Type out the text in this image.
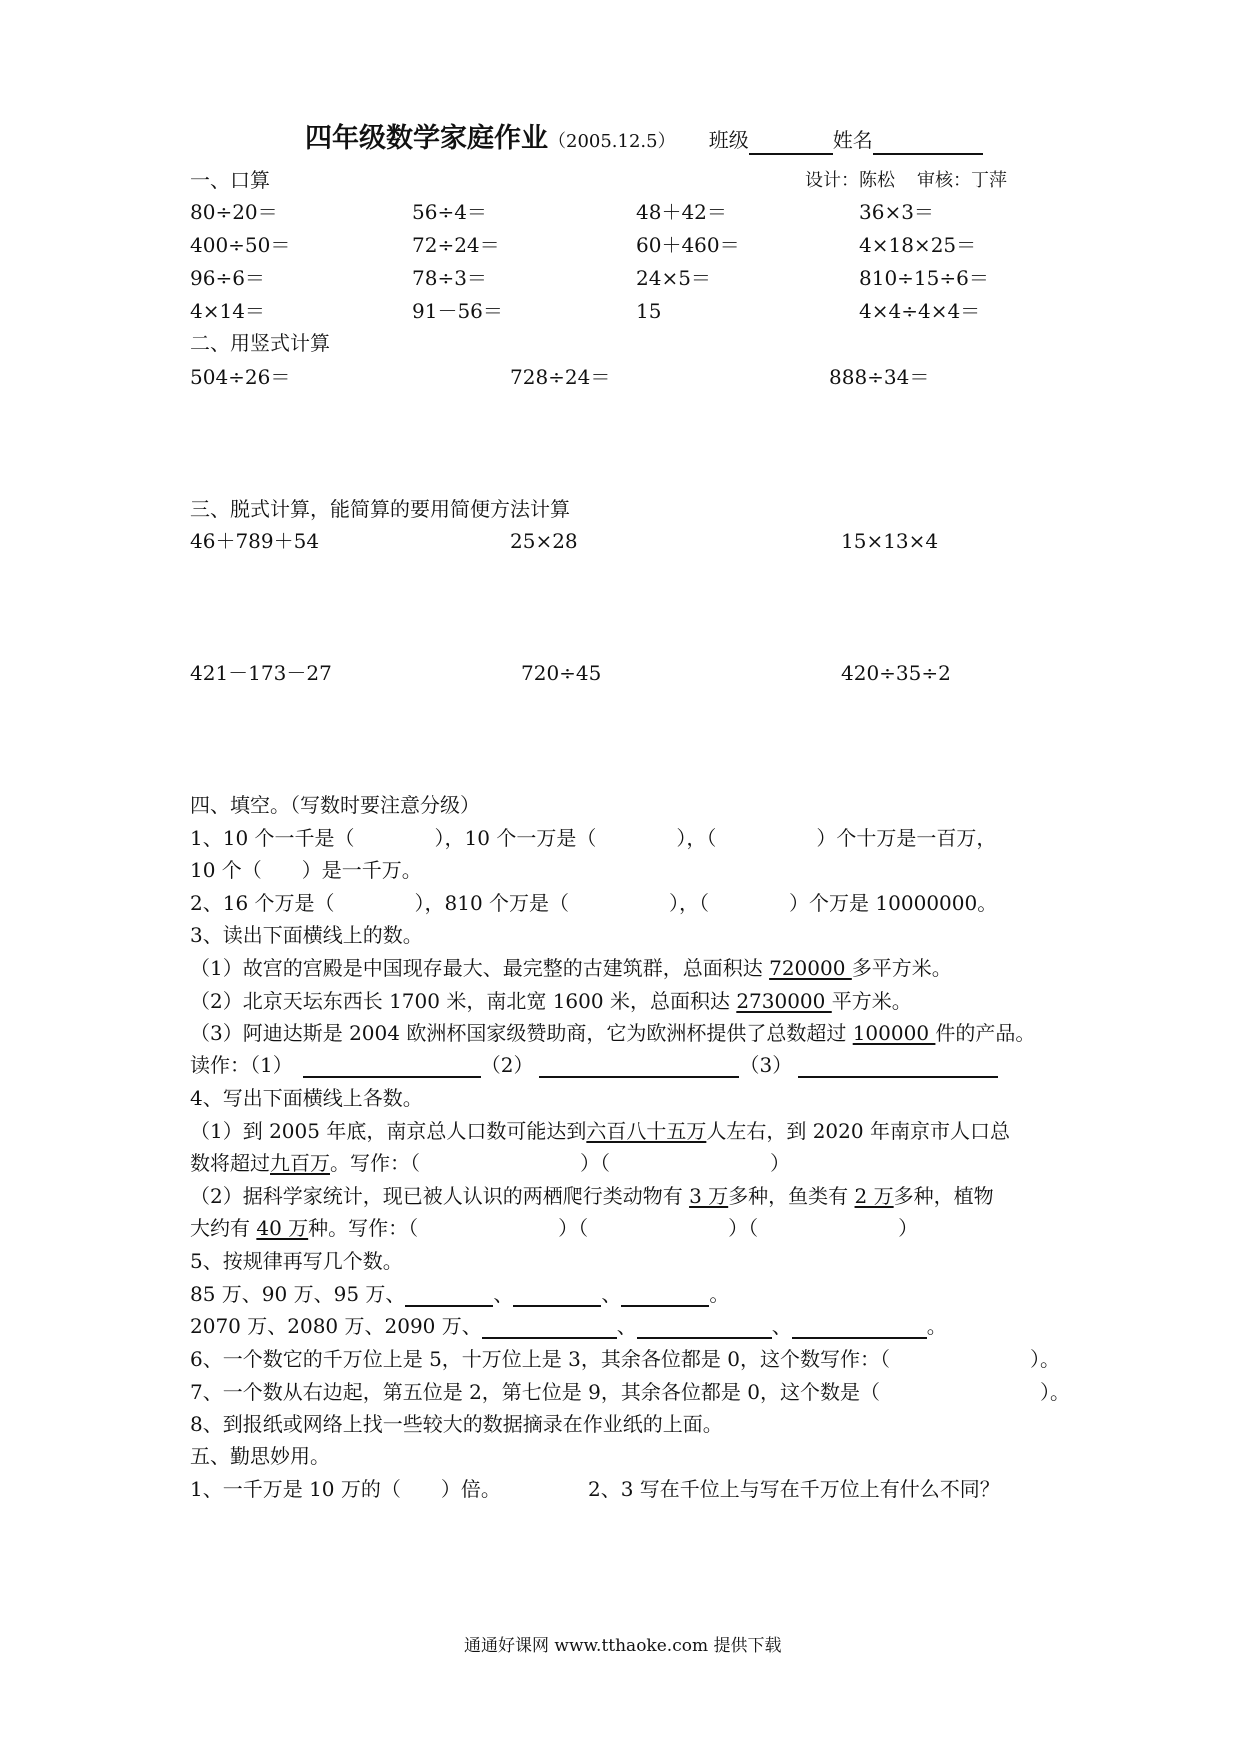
四年级数学家庭作业（2005.12.5） 班级	姓名
设计：陈松 审核：丁萍
一、口算
80÷20＝	56÷4＝	48＋42＝	36×3＝
400÷50＝	72÷24＝	60＋460＝	4×18×25＝
96÷6＝	78÷3＝	24×5＝	810÷15÷6＝
4×14＝	91－56＝	15	4×4÷4×4＝
二、用竖式计算
504÷26＝	728÷24＝	888÷34＝
三、脱式计算，能简算的要用简便方法计算
46＋789＋54	25×28	15×13×4
421－173－27	720÷45	420÷35÷2
四、填空。（写数时要注意分级）
1、10 个一千是（　　　　），10 个一万是（　　　　），（　　　　　）个十万是一百万，
10 个（　　）是一千万。
2、16 个万是（　　　　），810 个万是（　　　　　），（　　　　）个万是 10000000。
3、读出下面横线上的数。
（1）故宫的宫殿是中国现存最大、最完整的古建筑群，总面积达 720000 多平方米。
（2）北京天坛东西长 1700 米，南北宽 1600 米，总面积达 2730000 平方米。
（3）阿迪达斯是 2004 欧洲杯国家级赞助商，它为欧洲杯提供了总数超过 100000 件的产品。
读作：（1）	（2）	（3）
4、写出下面横线上各数。
（1）到 2005 年底，南京总人口数可能达到六百八十五万人左右，到 2020 年南京市人口总
数将超过九百万。写作：（　　　　　　　　）（　　　　　　　　）
（2）据科学家统计，现已被人认识的两栖爬行类动物有 3 万多种，鱼类有 2 万多种，植物
大约有 40 万种。写作：（　　　　　　　）（　　　　　　　）（　　　　　　　）
5、按规律再写几个数。
85 万、90 万、95 万、	、	、	。
2070 万、2080 万、2090 万、	、	、	。
6、一个数它的千万位上是 5，十万位上是 3，其余各位都是 0，这个数写作：（　　　　　　　）。
7、一个数从右边起，第五位是 2，第七位是 9，其余各位都是 0，这个数是（　　　　　　　　）。
8、到报纸或网络上找一些较大的数据摘录在作业纸的上面。
五、勤思妙用。
1、一千万是 10 万的（　　）倍。	2、3 写在千位上与写在千万位上有什么不同？
通通好课网 www.tthaoke.com 提供下载
